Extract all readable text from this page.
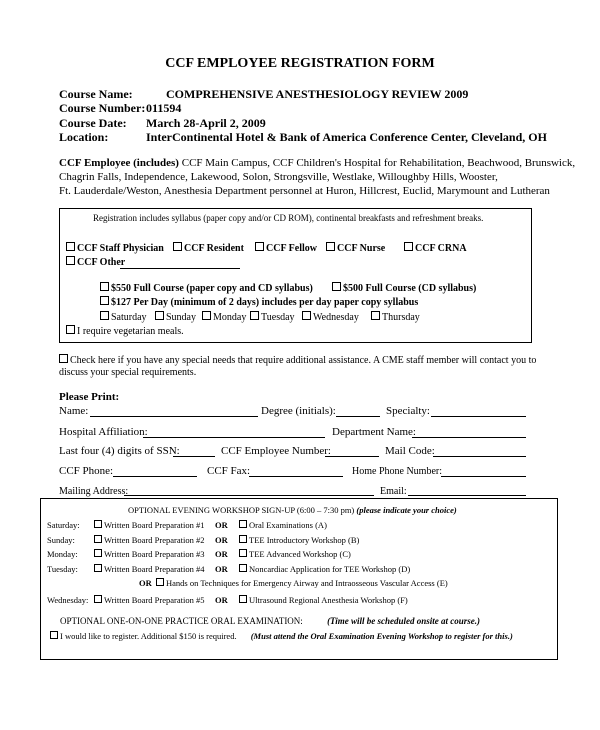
CCF EMPLOYEE REGISTRATION FORM
Course Name:	COMPREHENSIVE ANESTHESIOLOGY REVIEW 2009
Course Number: 011594
Course Date: March 28-April 2, 2009
Location:	InterContinental Hotel & Bank of America Conference Center, Cleveland, OH
CCF Employee (includes) CCF Main Campus, CCF Children's Hospital for Rehabilitation, Beachwood, Brunswick,
Chagrin Falls, Independence, Lakewood, Solon, Strongsville, Westlake, Willoughby Hills, Wooster,
Ft. Lauderdale/Weston, Anesthesia Department personnel at Huron, Hillcrest, Euclid, Marymount and Lutheran
Registration includes syllabus (paper copy and/or CD ROM), continental breakfasts and refreshment breaks.
CCF Staff Physician	CCF Resident	CCF Fellow	CCF Nurse	CCF CRNA
CCF Other
$550 Full Course (paper copy and CD syllabus)	$500 Full Course (CD syllabus)
$127 Per Day (minimum of 2 days) includes per day paper copy syllabus
Saturday	Sunday	Monday	Tuesday	Wednesday	Thursday
I require vegetarian meals.
Check here if you have any special needs that require additional assistance. A CME staff member will contact you to
discuss your special requirements.
Please Print:
Name:	Degree (initials):	Specialty:
Hospital Affiliation:	Department Name:
Last four (4) digits of SSN:	CCF Employee Number:	Mail Code:
CCF Phone:	CCF Fax:	Home Phone Number:
Mailing Address:	Email:
OPTIONAL EVENING WORKSHOP SIGN-UP (6:00 – 7:30 pm) (please indicate your choice)
Saturday:	Written Board Preparation #1 OR	Oral Examinations (A)
Sunday:	Written Board Preparation #2 OR	TEE Introductory Workshop (B)
Monday:	Written Board Preparation #3 OR	TEE Advanced Workshop (C)
Tuesday:	Written Board Preparation #4 OR	Noncardiac Application for TEE Workshop (D)
OR	Hands on Techniques for Emergency Airway and Intraosseous Vascular Access (E)
Wednesday:	Written Board Preparation #5 OR	Ultrasound Regional Anesthesia Workshop (F)
OPTIONAL ONE-ON-ONE PRACTICE ORAL EXAMINATION:	(Time will be scheduled onsite at course.)
I would like to register. Additional $150 is required. (Must attend the Oral Examination Evening Workshop to register for this.)
